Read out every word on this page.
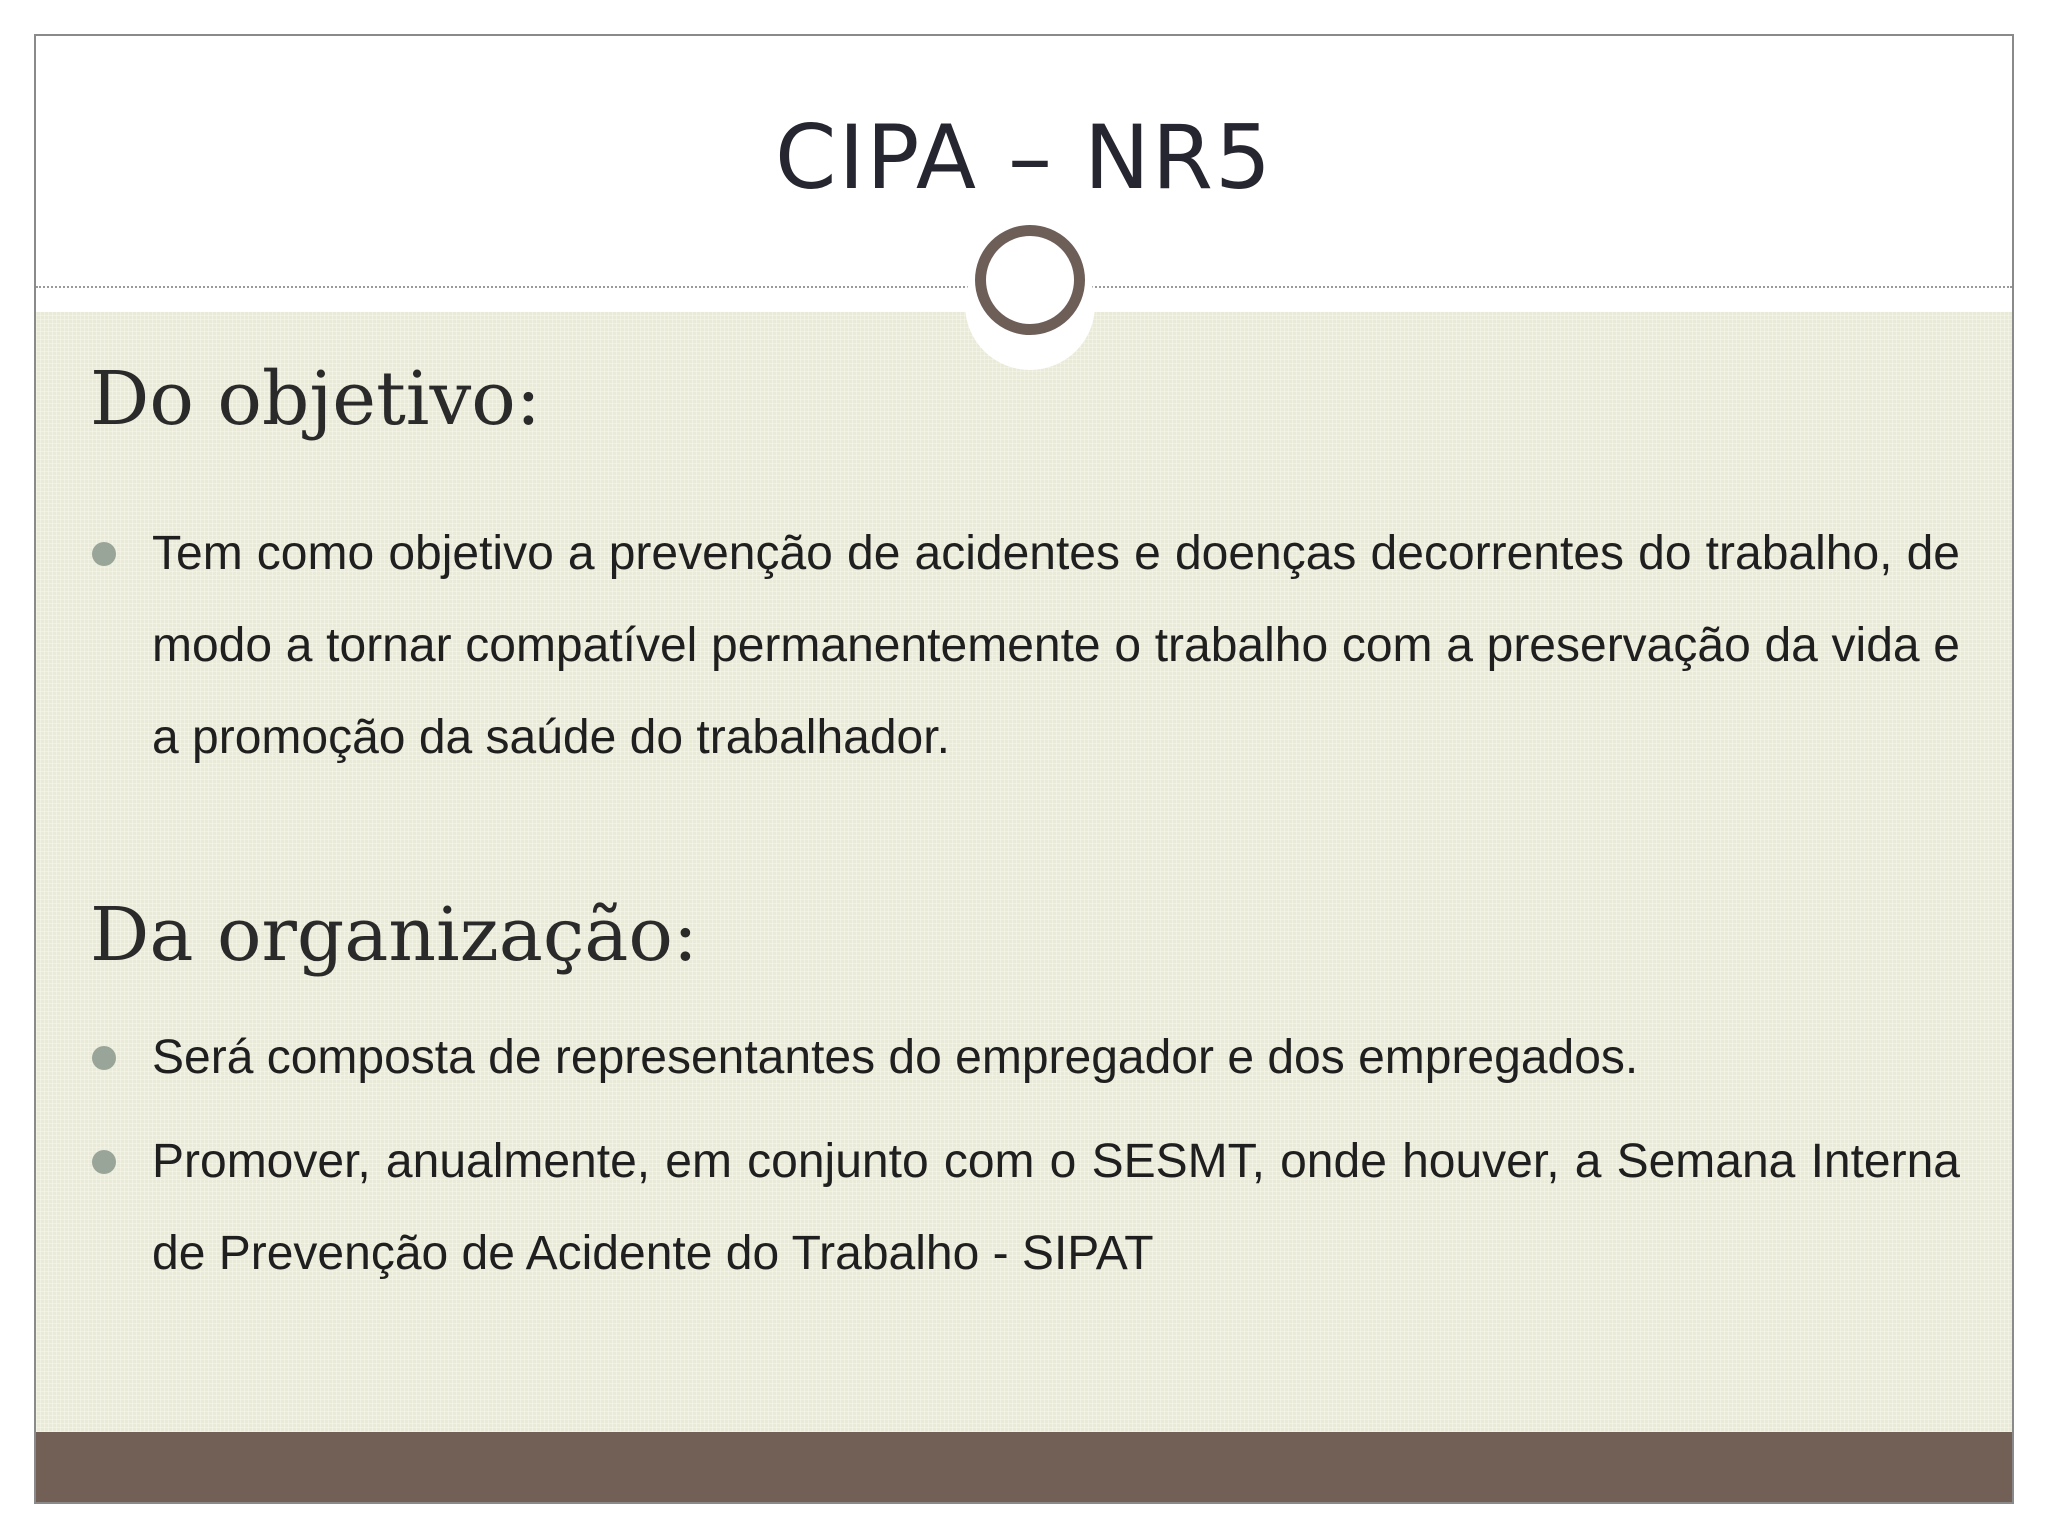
CIPA – NR5
Do objetivo:
Tem como objetivo a prevenção de acidentes e doenças decorrentes do trabalho, de modo a tornar compatível permanentemente o trabalho com a preservação da vida e a promoção da saúde do trabalhador.
Da organização:
Será composta de representantes do empregador e dos empregados.
Promover, anualmente, em conjunto com o SESMT, onde houver, a Semana Interna de Prevenção de Acidente do Trabalho - SIPAT
